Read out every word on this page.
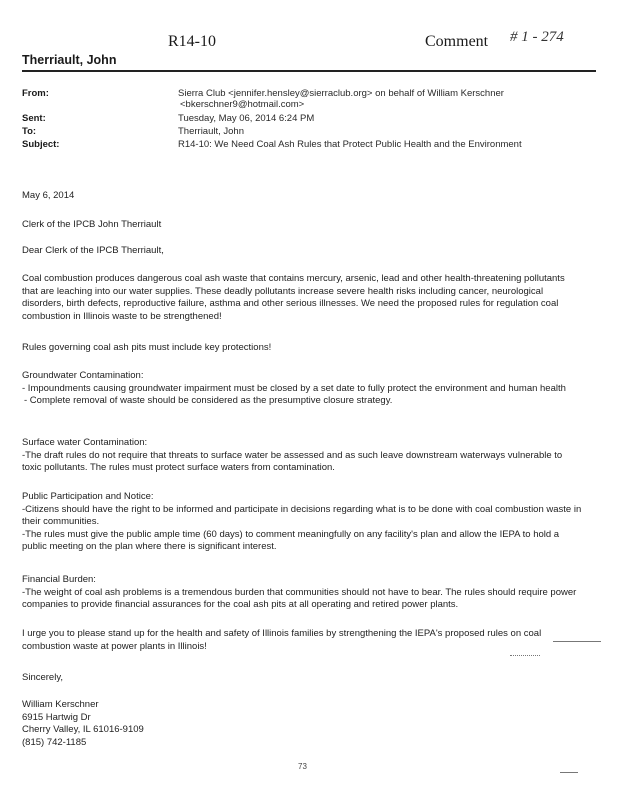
R14-10	Comment # 1 - 274
Therriault, John
From:	Sierra Club <jennifer.hensley@sierraclub.org> on behalf of William Kerschner
<bkerschner9@hotmail.com>
Sent:	Tuesday, May 06, 2014 6:24 PM
To:	Therriault, John
Subject:	R14-10: We Need Coal Ash Rules that Protect Public Health and the Environment
May 6, 2014
Clerk of the IPCB John Therriault
Dear Clerk of the IPCB Therriault,
Coal combustion produces dangerous coal ash waste that contains mercury, arsenic, lead and other health-threatening pollutants that are leaching into our water supplies. These deadly pollutants increase severe health risks including cancer, neurological disorders, birth defects, reproductive failure, asthma and other serious illnesses. We need the proposed rules for regulation coal combustion in Illinois waste to be strengthened!
Rules governing coal ash pits must include key protections!

Groundwater Contamination:

- Impoundments causing groundwater impairment must be closed by a set date to fully protect the environment and human health

- Complete removal of waste should be considered as the presumptive closure strategy.

Surface water Contamination:

-The draft rules do not require that threats to surface water be assessed and as such leave downstream waterways vulnerable to toxic pollutants. The rules must protect surface waters from contamination.

Public Participation and Notice:

-Citizens should have the right to be informed and participate in decisions regarding what is to be done with coal combustion waste in their communities.

-The rules must give the public ample time (60 days) to comment meaningfully on any facility's plan and allow the IEPA to hold a public meeting on the plan where there is significant interest.

Financial Burden:

-The weight of coal ash problems is a tremendous burden that communities should not have to bear. The rules should require power companies to provide financial assurances for the coal ash pits at all operating and retired power plants.

I urge you to please stand up for the health and safety of Illinois families by strengthening the IEPA's proposed rules on coal combustion waste at power plants in Illinois!
Sincerely,

William Kerschner

6915 Hartwig Dr

Cherry Valley, IL 61016-9109

(815) 742-1185

73
